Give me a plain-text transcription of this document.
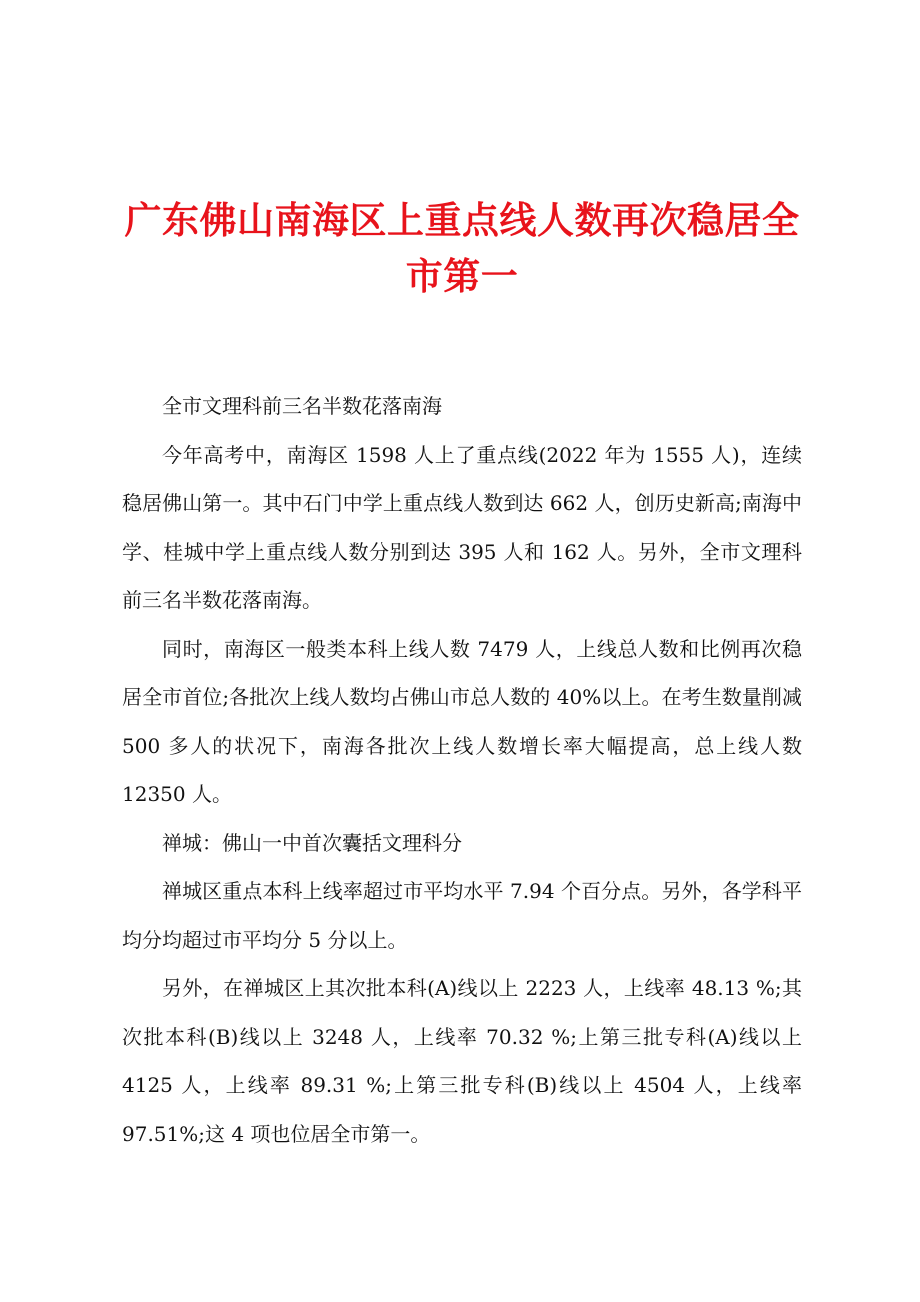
广东佛山南海区上重点线人数再次稳居全市第一

全市文理科前三名半数花落南海

今年高考中，南海区 1598 人上了重点线(2022 年为 1555 人)，连续稳居佛山第一。其中石门中学上重点线人数到达 662 人，创历史新高;南海中学、桂城中学上重点线人数分别到达 395 人和 162 人。另外，全市文理科前三名半数花落南海。

同时，南海区一般类本科上线人数 7479 人，上线总人数和比例再次稳居全市首位;各批次上线人数均占佛山市总人数的 40%以上。在考生数量削减 500 多人的状况下，南海各批次上线人数增长率大幅提高，总上线人数 12350 人。

禅城：佛山一中首次囊括文理科分

禅城区重点本科上线率超过市平均水平 7.94 个百分点。另外，各学科平均分均超过市平均分 5 分以上。

另外，在禅城区上其次批本科(A)线以上 2223 人，上线率 48.13 %;其次批本科(B)线以上 3248 人，上线率 70.32 %;上第三批专科(A)线以上 4125 人，上线率 89.31 %;上第三批专科(B)线以上 4504 人，上线率 97.51%;这 4 项也位居全市第一。
